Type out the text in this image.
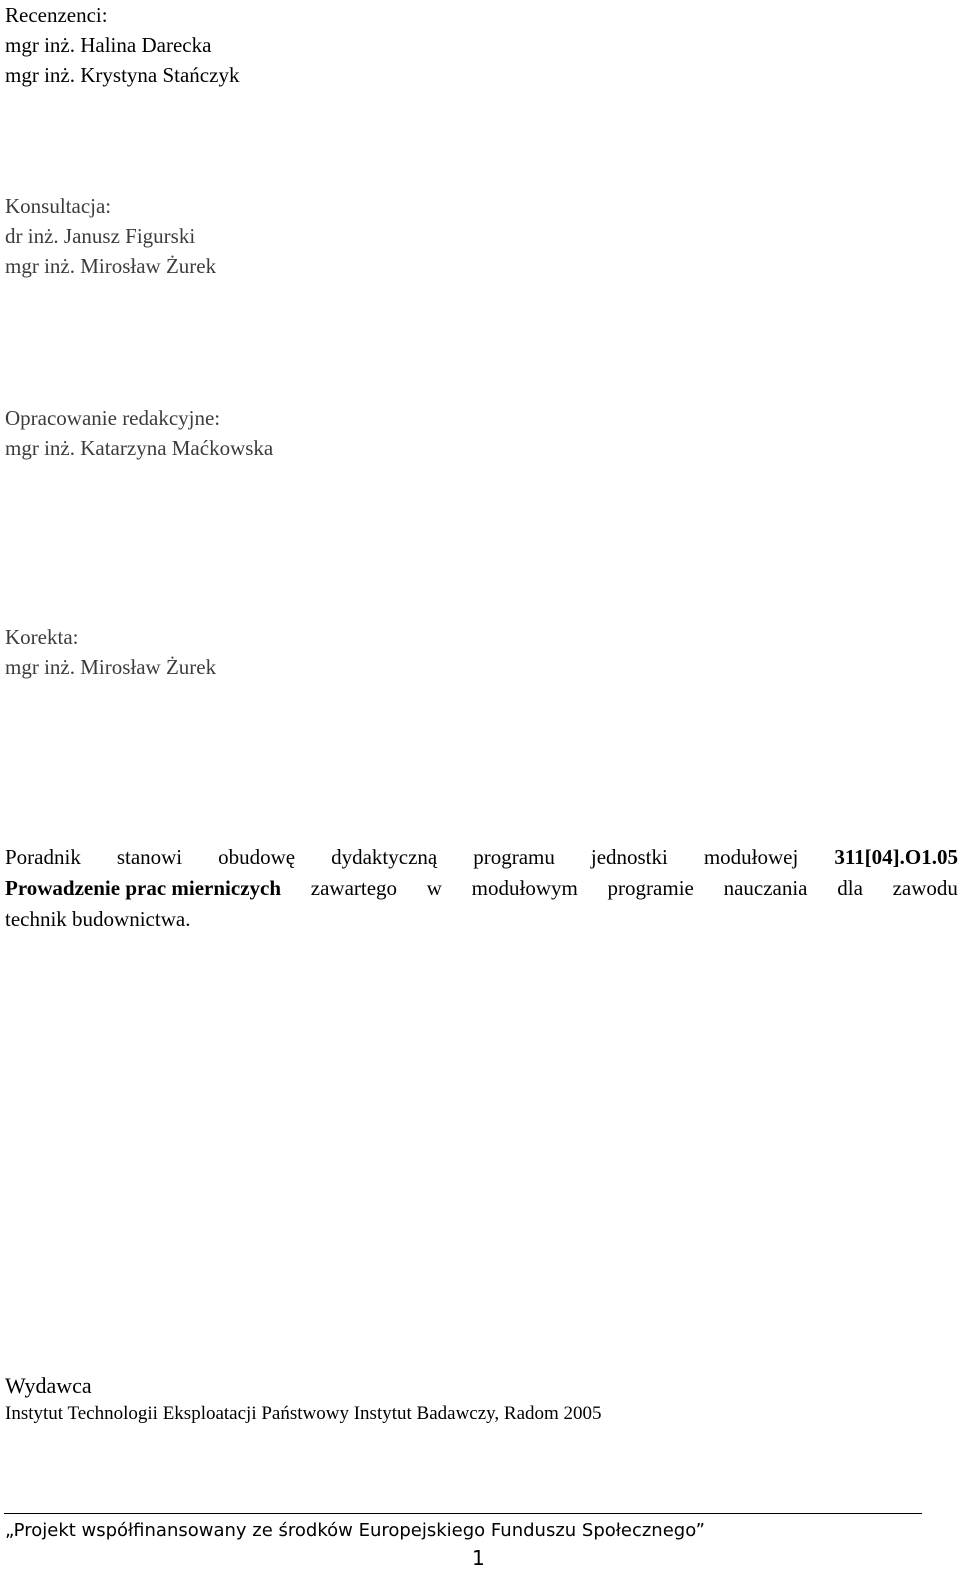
Recenzenci:
mgr inż. Halina Darecka
mgr inż. Krystyna Stańczyk
Konsultacja:
dr inż. Janusz Figurski
mgr inż. Mirosław Żurek
Opracowanie redakcyjne:
mgr inż. Katarzyna Maćkowska
Korekta:
mgr inż. Mirosław Żurek
Poradnik stanowi obudowę dydaktyczną programu jednostki modułowej 311[04].O1.05
Prowadzenie prac mierniczych zawartego w modułowym programie nauczania dla zawodu
technik budownictwa.
Wydawca
Instytut Technologii Eksploatacji Państwowy Instytut Badawczy, Radom 2005
„Projekt współfinansowany ze środków Europejskiego Funduszu Społecznego”
1
